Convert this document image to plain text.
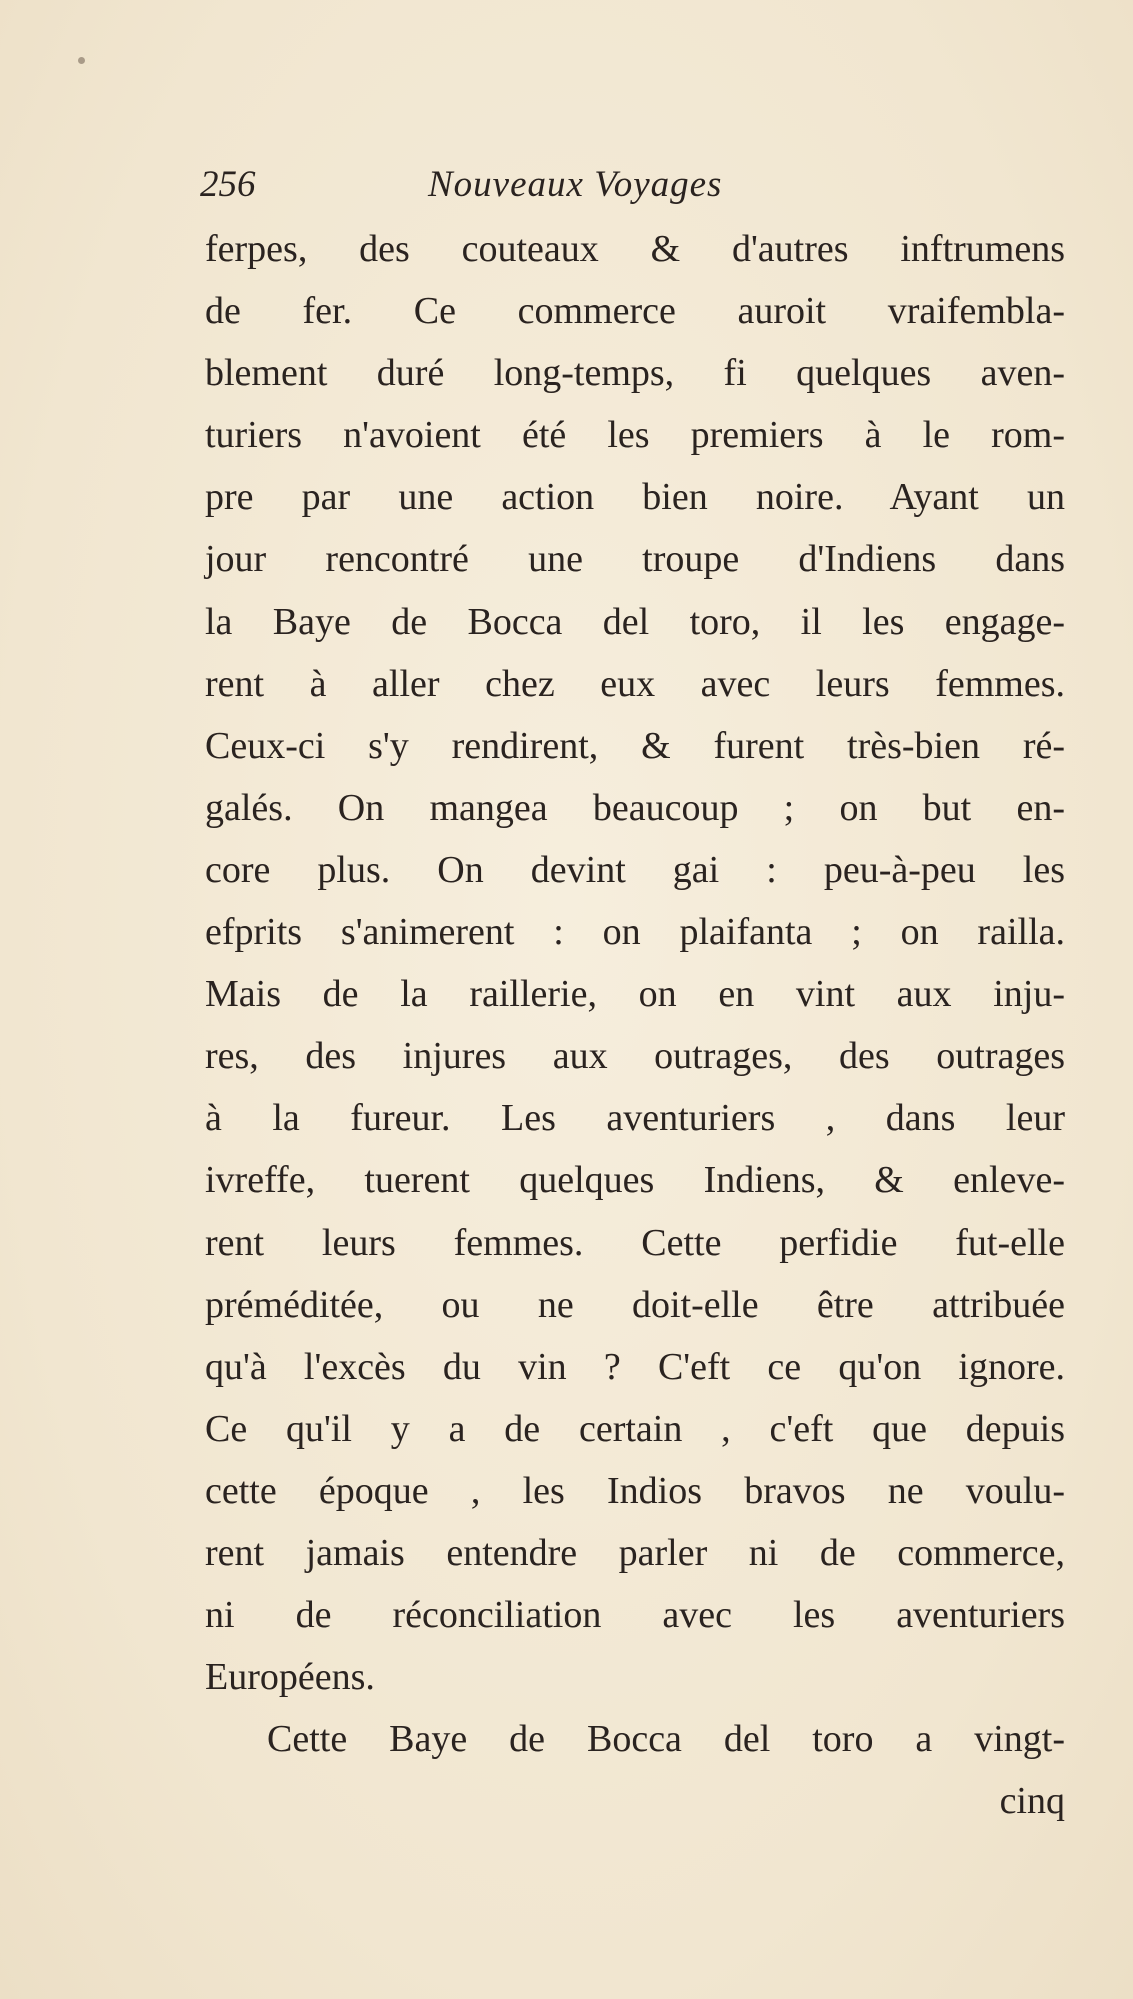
256	Nouveaux Voyages
ferpes, des couteaux & d'autres inftrumens
de fer. Ce commerce auroit vraifembla-
blement duré long-temps, fi quelques aven-
turiers n'avoient été les premiers à le rom-
pre par une action bien noire. Ayant un
jour rencontré une troupe d'Indiens dans
la Baye de Bocca del toro, il les engage-
rent à aller chez eux avec leurs femmes.
Ceux-ci s'y rendirent, & furent très-bien ré-
galés. On mangea beaucoup ; on but en-
core plus. On devint gai : peu-à-peu les
efprits s'animerent : on plaifanta ; on railla.
Mais de la raillerie, on en vint aux inju-
res, des injures aux outrages, des outrages
à la fureur. Les aventuriers , dans leur
ivreffe, tuerent quelques Indiens, & enleve-
rent leurs femmes. Cette perfidie fut-elle
préméditée, ou ne doit-elle être attribuée
qu'à l'excès du vin ? C'eft ce qu'on ignore.
Ce qu'il y a de certain , c'eft que depuis
cette époque , les Indios bravos ne voulu-
rent jamais entendre parler ni de commerce,
ni de réconciliation avec les aventuriers
Européens.
Cette Baye de Bocca del toro a vingt-
cinq
